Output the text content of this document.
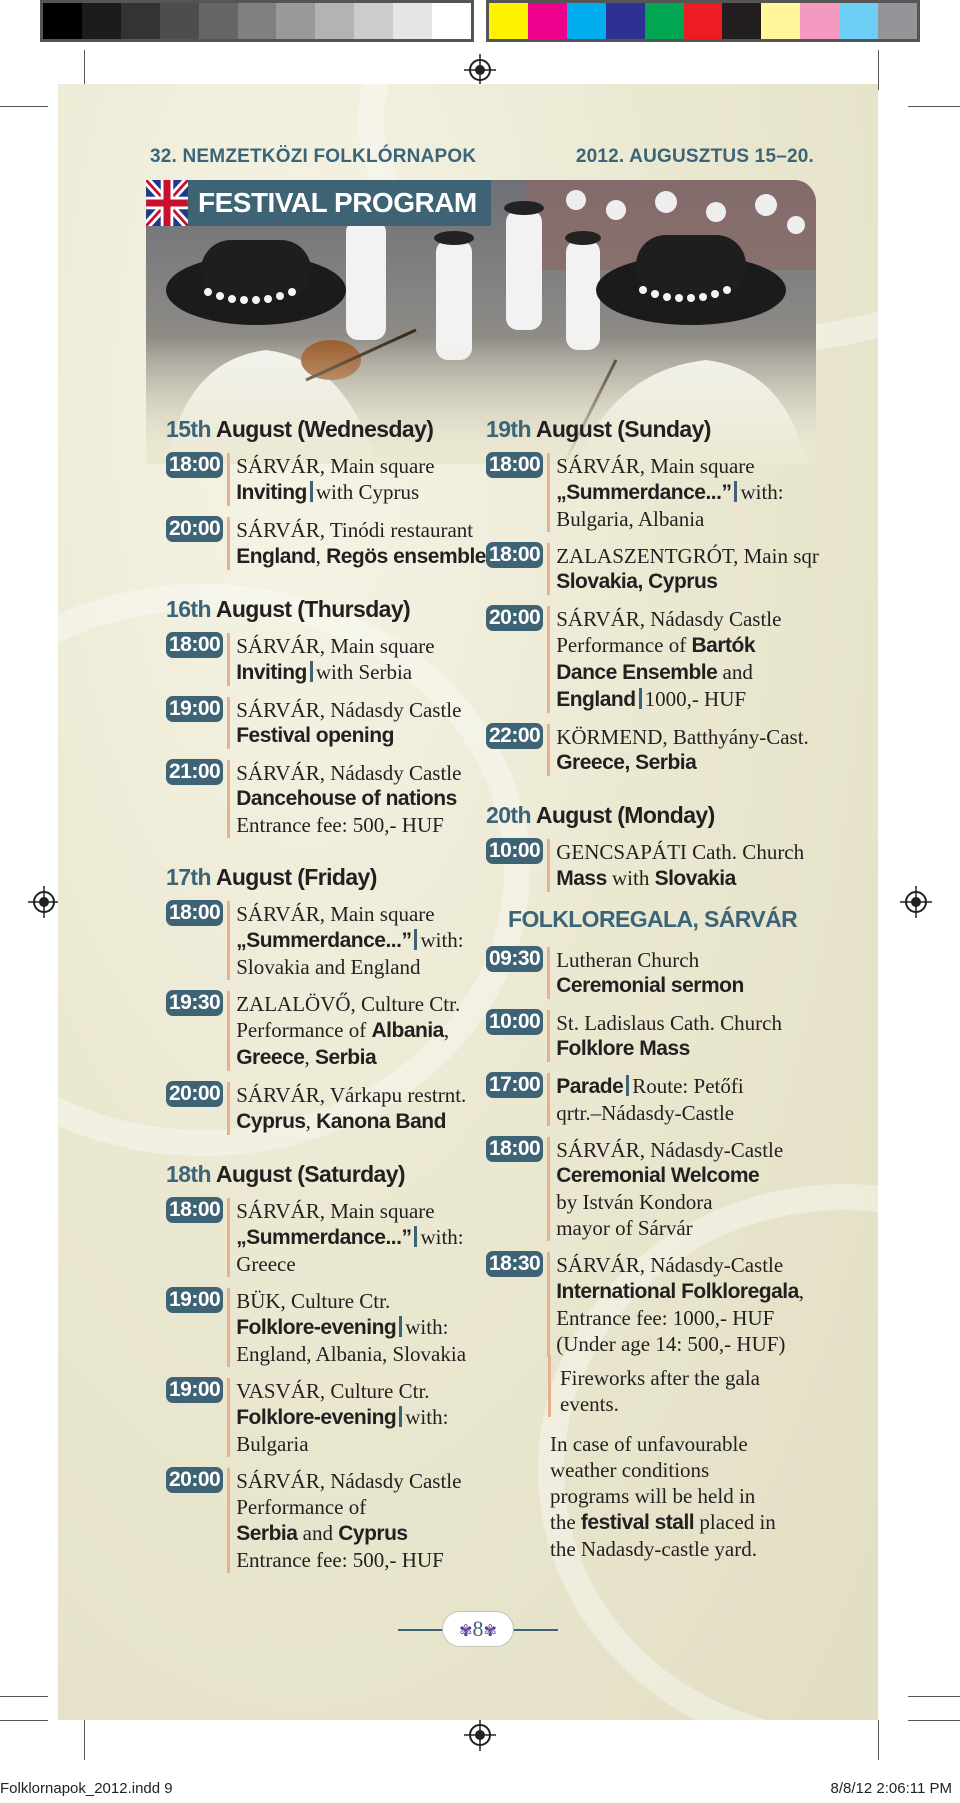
32. NEMZETKÖZI FOLKLÓRNAPOK	2012. AUGUSZTUS 15–20.
FESTIVAL PROGRAM
15th August (Wednesday)
18:00 SÁRVÁR, Main square
Inviting with Cyprus
20:00 SÁRVÁR, Tinódi restaurant
England, Regös ensemble
16th August (Thursday)
18:00 SÁRVÁR, Main square
Inviting with Serbia
19:00 SÁRVÁR, Nádasdy Castle
Festival opening
21:00 SÁRVÁR, Nádasdy Castle
Dancehouse of nations
Entrance fee: 500,- HUF
17th August (Friday)
18:00 SÁRVÁR, Main square
„Summerdance...” with:
Slovakia and England
19:30 ZALALÖVŐ, Culture Ctr.
Performance of Albania,
Greece, Serbia
20:00 SÁRVÁR, Várkapu restrnt.
Cyprus, Kanona Band
18th August (Saturday)
18:00 SÁRVÁR, Main square
„Summerdance...” with:
Greece
19:00 BÜK, Culture Ctr.
Folklore-evening with:
England, Albania, Slovakia
19:00 VASVÁR, Culture Ctr.
Folklore-evening with:
Bulgaria
20:00 SÁRVÁR, Nádasdy Castle
Performance of
Serbia and Cyprus
Entrance fee: 500,- HUF
19th August (Sunday)
18:00 SÁRVÁR, Main square
„Summerdance...” with:
Bulgaria, Albania
18:00 ZALASZENTGRÓT, Main sqr
Slovakia, Cyprus
20:00 SÁRVÁR, Nádasdy Castle
Performance of Bartók
Dance Ensemble and
England 1000,- HUF
22:00 KÖRMEND, Batthyány-Cast.
Greece, Serbia
20th August (Monday)
10:00 GENCSAPÁTI Cath. Church
Mass with Slovakia
FOLKLOREGALA, SÁRVÁR
09:30 Lutheran Church
Ceremonial sermon
10:00 St. Ladislaus Cath. Church
Folklore Mass
17:00 Parade Route: Petőfi
qrtr.–Nádasdy-Castle
18:00 SÁRVÁR, Nádasdy-Castle
Ceremonial Welcome
by István Kondora
mayor of Sárvár
18:30 SÁRVÁR, Nádasdy-Castle
International Folkloregala,
Entrance fee: 1000,- HUF
(Under age 14: 500,- HUF)
Fireworks after the gala
events.
In case of unfavourable
weather conditions
programs will be held in
the festival stall placed in
the Nadasdy-castle yard.
✾8✾
Folklornapok_2012.indd 9	8/8/12 2:06:11 PM
